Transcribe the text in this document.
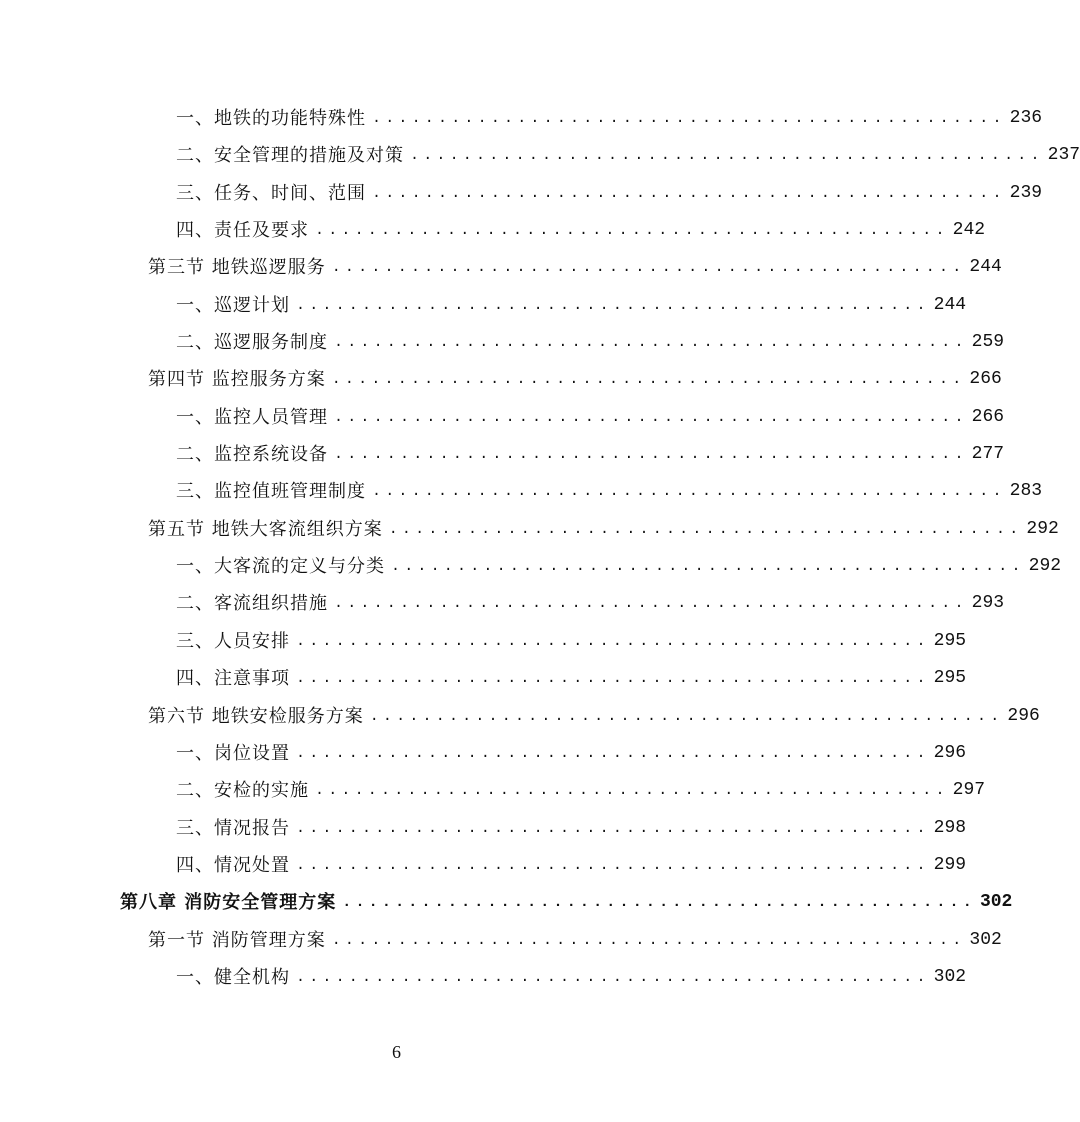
一、地铁的功能特殊性 ................................................ 236
二、安全管理的措施及对策 ................................................ 237
三、任务、时间、范围 ................................................ 239
四、责任及要求 ................................................ 242
第三节 地铁巡逻服务 ................................................ 244
一、巡逻计划 ................................................ 244
二、巡逻服务制度 ................................................ 259
第四节 监控服务方案 ................................................ 266
一、监控人员管理 ................................................ 266
二、监控系统设备 ................................................ 277
三、监控值班管理制度 ................................................ 283
第五节 地铁大客流组织方案 ................................................ 292
一、大客流的定义与分类 ................................................ 292
二、客流组织措施 ................................................ 293
三、人员安排 ................................................ 295
四、注意事项 ................................................ 295
第六节 地铁安检服务方案 ................................................ 296
一、岗位设置 ................................................ 296
二、安检的实施 ................................................ 297
三、情况报告 ................................................ 298
四、情况处置 ................................................ 299
第八章 消防安全管理方案 ................................................ 302
第一节 消防管理方案 ................................................ 302
一、健全机构 ................................................ 302
6
